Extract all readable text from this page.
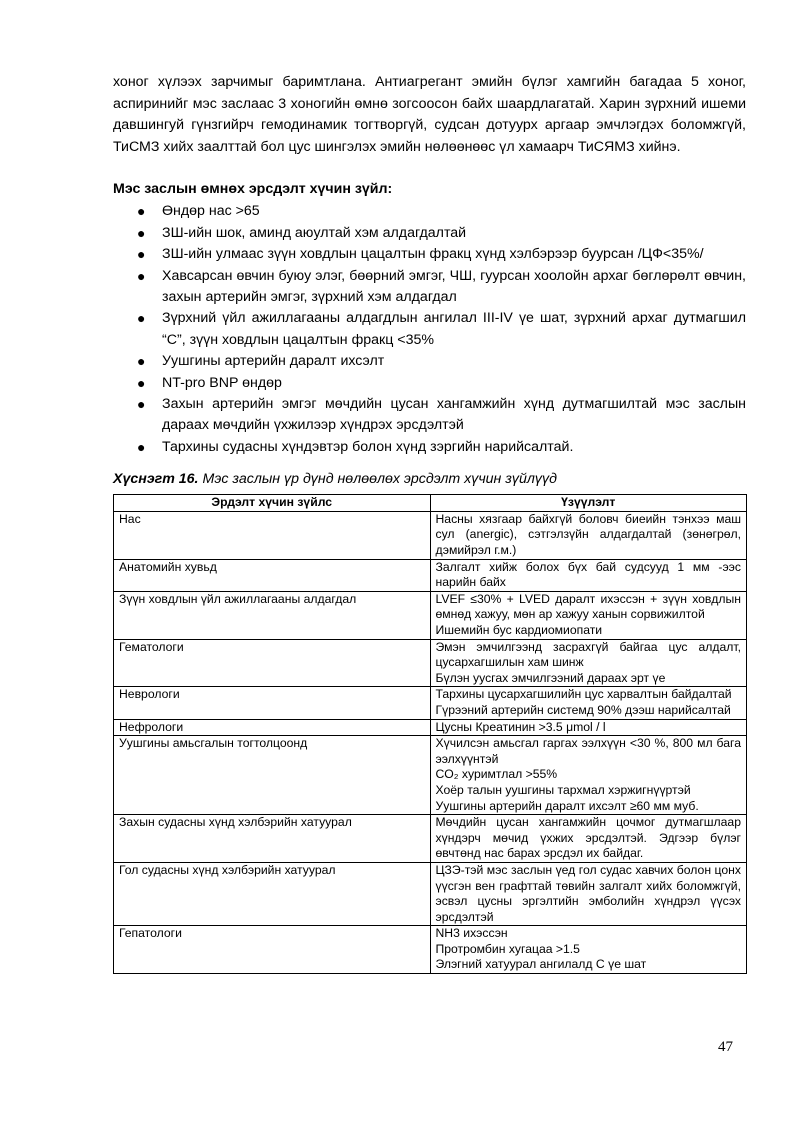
хоног хүлээх зарчимыг баримтлана. Антиагрегант эмийн бүлэг хамгийн багадаа 5 хоног, аспиринийг мэс заслаас 3 хоногийн өмнө зогсоосон байх шаардлагатай. Харин зүрхний ишеми давшингуй гүнзгийрч гемодинамик тогтворгүй, судсан дотуурх аргаар эмчлэгдэх боломжгүй, ТиСМЗ хийх заалттай бол цус шингэлэх эмийн нөлөөнөөс үл хамаарч ТиСЯМЗ хийнэ.

Мэс заслын өмнөх эрсдэлт хүчин зүйл:
● Өндөр нас >65
● ЗШ-ийн шок, аминд аюултай хэм алдагдалтай
● ЗШ-ийн улмаас зүүн ховдлын цацалтын фракц хүнд хэлбэрээр буурсан /ЦФ<35%/
● Хавсарсан өвчин буюу элэг, бөөрний эмгэг, ЧШ, гуурсан хоолойн архаг бөглөрөлт өвчин, захын артерийн эмгэг, зүрхний хэм алдагдал
● Зүрхний үйл ажиллагааны алдагдлын ангилал III-IV үе шат, зүрхний архаг дутмагшил “C”, зүүн ховдлын цацалтын фракц <35%
● Уушгины артерийн даралт ихсэлт
● NT-pro BNP өндөр
● Захын артерийн эмгэг мөчдийн цусан хангамжийн хүнд дутмагшилтай мэс заслын дараах мөчдийн үхжилээр хүндрэх эрсдэлтэй
● Тархины судасны хүндэвтэр болон хүнд зэргийн нарийсалтай.
Хүснэгт 16. Мэс заслын үр дүнд нөлөөлөх эрсдэлт хүчин зүйлүүд
Эрдэлт хүчин зүйлс	Үзүүлэлт
Нас	Насны хязгаар байхгүй боловч биеийн тэнхээ маш сул (anergic), сэтгэлзүйн алдагдалтай (зөнөгрөл, дэмийрэл г.м.)

Анатомийн хувьд	Залгалт хийж болох бүх бай судсууд 1 мм -ээс нарийн байх

Зүүн ховдлын үйл ажиллагааны алдагдал	LVEF ≤30% + LVED даралт ихэссэн + зүүн ховдлын өмнөд хажуу, мөн ар хажуу ханын сорвижилтой
Ишемийн бус кардиомиопати

Гематологи	Эмэн эмчилгээнд засрахгүй байгаа цус алдалт, цусархагшилын хам шинж
Бүлэн уусгах эмчилгээний дараах эрт үе

Неврологи	Тархины цусархагшилийн цус харвалтын байдалтай
Гүрээний артерийн системд 90% дээш нарийсалтай

Нефрологи	Цусны Креатинин >3.5 μmol / l

Уушгины амьсгалын тогтолцоонд	Хүчилсэн амьсгал гаргах ээлхүүн <30 %, 800 мл бага ээлхүүнтэй
CO₂ хуримтлал >55%
Хоёр талын уушгины тархмал хэржигнүүртэй
Уушгины артерийн даралт ихсэлт ≥60 мм муб.

Захын судасны хүнд хэлбэрийн хатуурал	Мөчдийн цусан хангамжийн цочмог дутмагшлаар хүндэрч мөчид үхжих эрсдэлтэй. Эдгээр бүлэг өвчтөнд нас барах эрсдэл их байдаг.

Гол судасны хүнд хэлбэрийн хатуурал	ЦЗЭ-тэй мэс заслын үед гол судас хавчих болон цонх үүсгэн вен графттай төвийн залгалт хийх боломжгүй, эсвэл цусны эргэлтийн эмболийн хүндрэл үүсэх эрсдэлтэй

Гепатологи	NH3 ихэссэн
Протромбин хугацаа >1.5
Элэгний хатуурал ангилалд C үе шат
47
